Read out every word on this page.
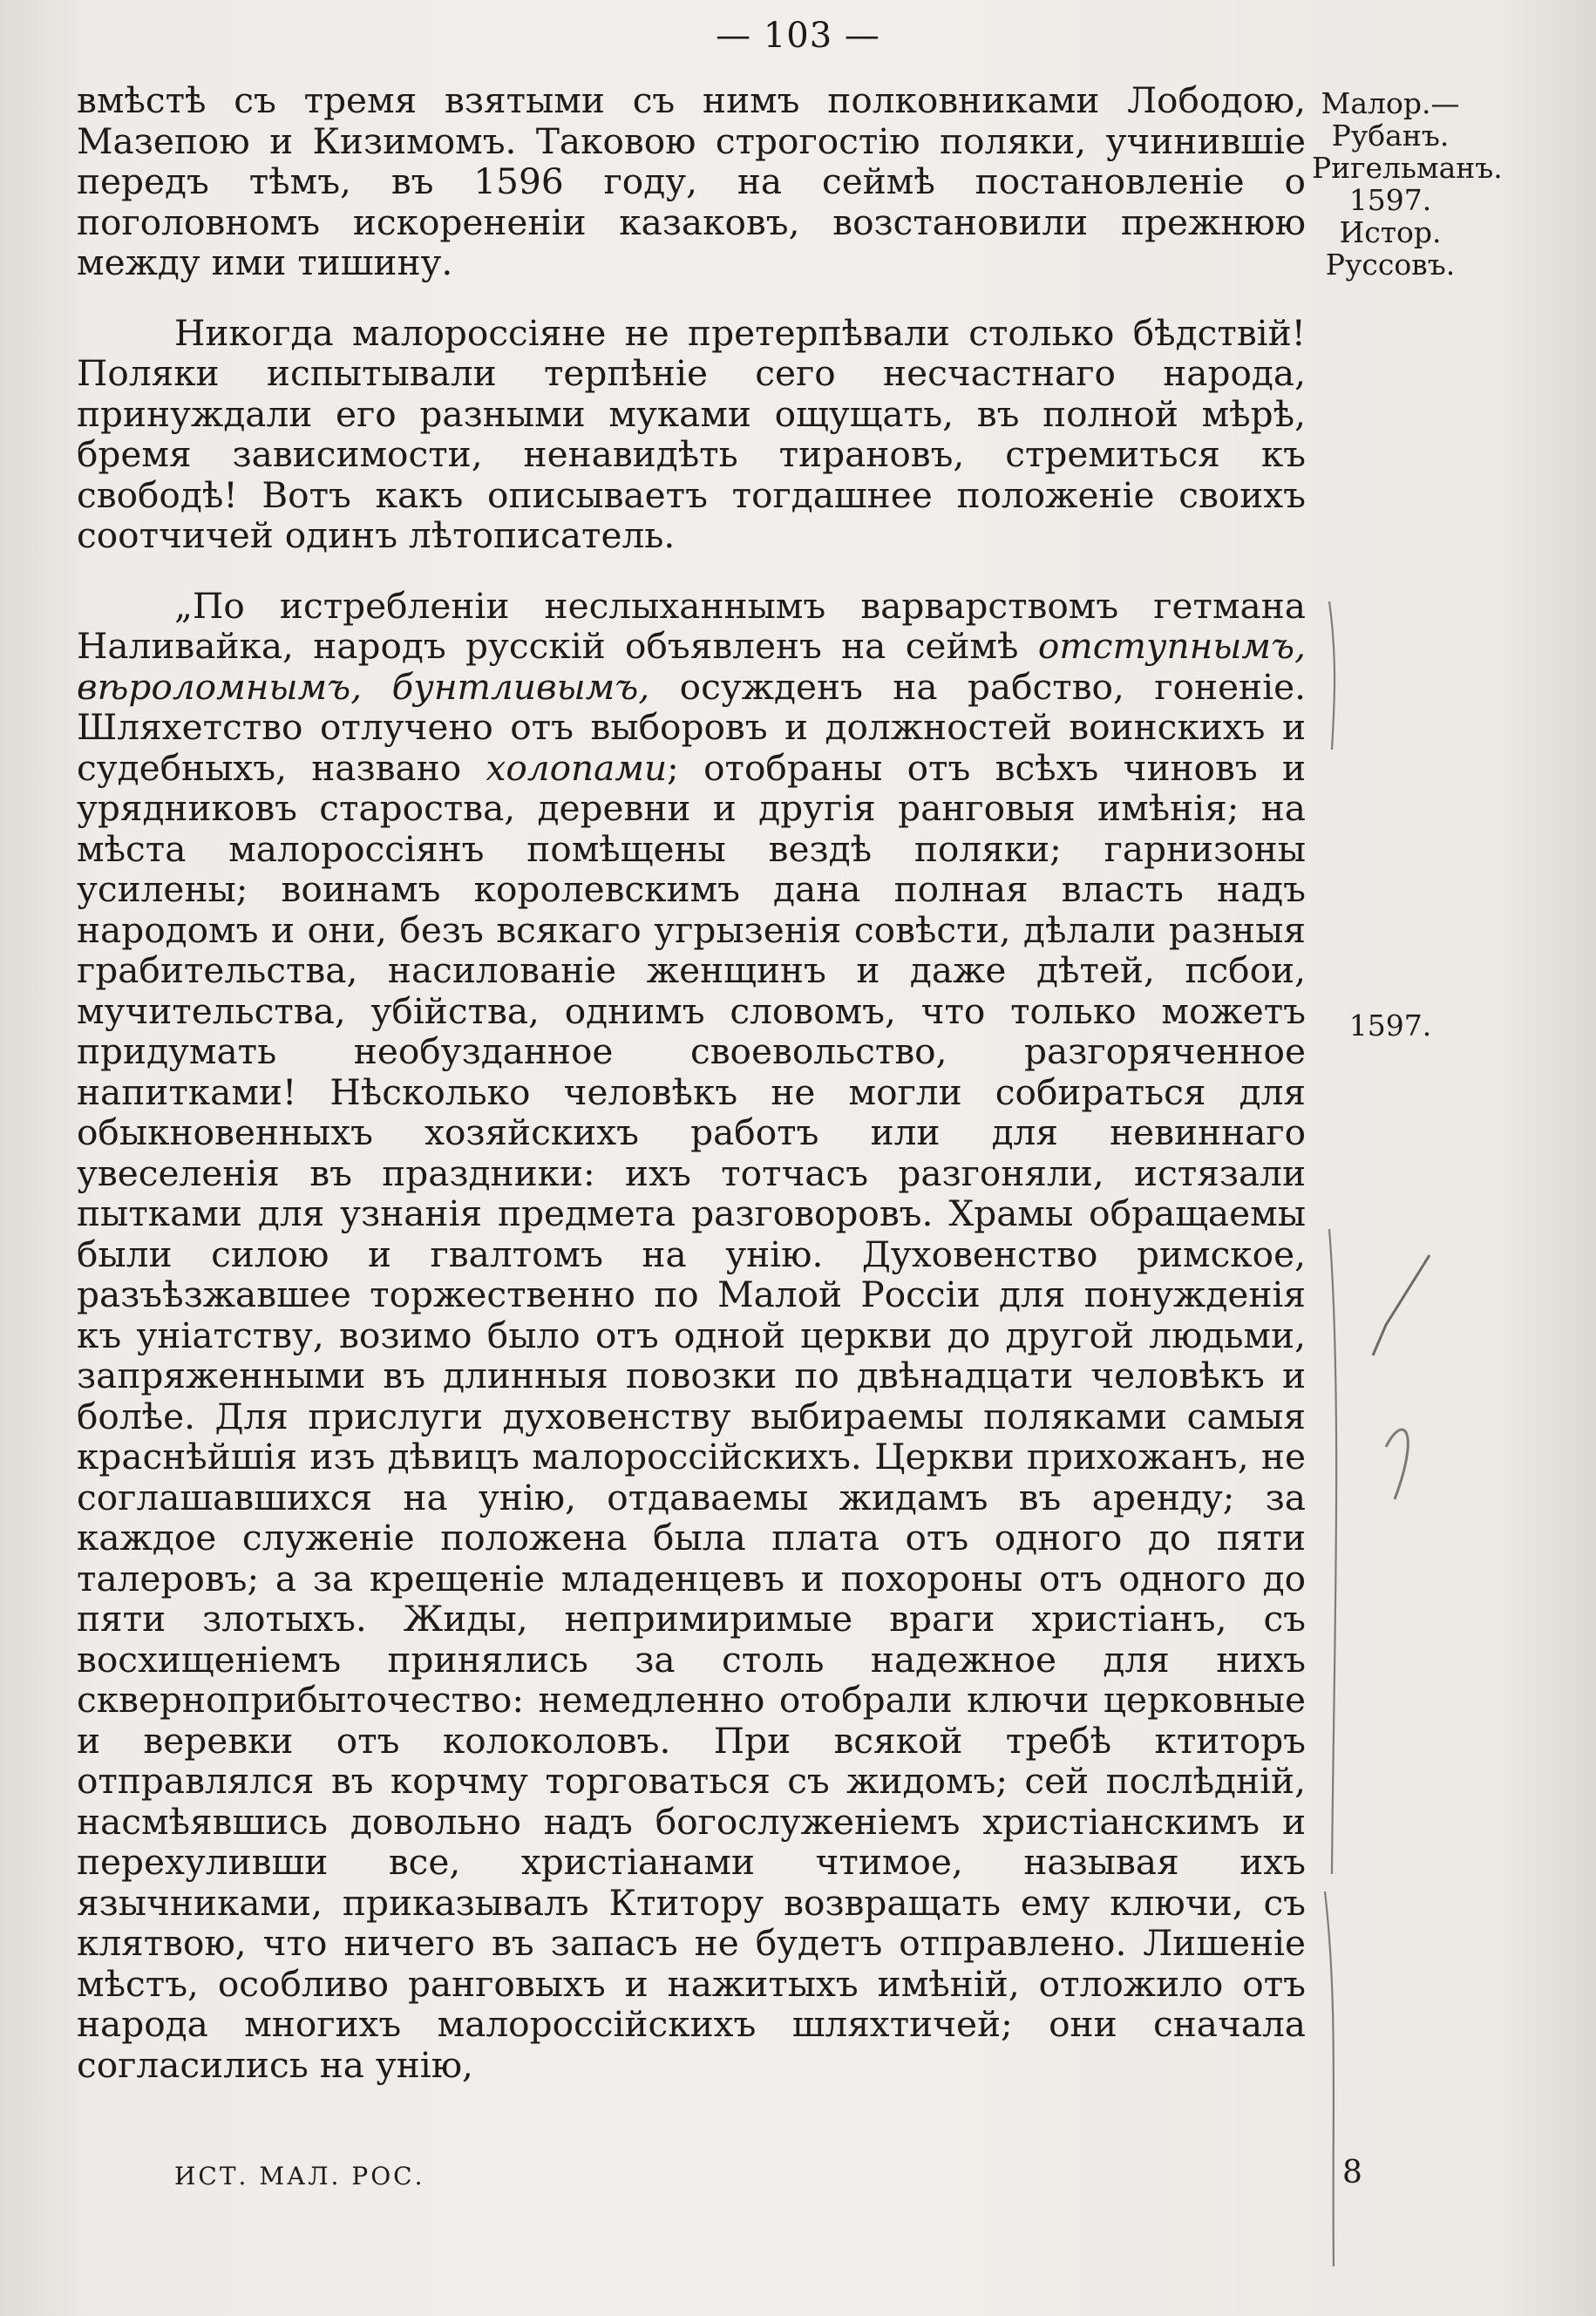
— 103 —

вмѣстѣ съ тремя взятыми съ нимъ полковниками Лободою, Мазепою и Кизимомъ. Таковою строгостію поляки, учинившіе передъ тѣмъ, въ 1596 году, на сеймѣ постановленіе о поголовномъ искорененіи казаковъ, возстановили прежнюю между ими тишину.

Никогда малороссіяне не претерпѣвали столько бѣдствій! Поляки испытывали терпѣніе сего несчастнаго народа, принуждали его разными муками ощущать, въ полной мѣрѣ, бремя зависимости, ненавидѣть тирановъ, стремиться къ свободѣ! Вотъ какъ описываетъ тогдашнее положеніе своихъ соотчичей одинъ лѣтописатель.

„По истребленіи неслыханнымъ варварствомъ гетмана Наливайка, народъ русскій объявленъ на сеймѣ отступнымъ, вѣроломнымъ, бунтливымъ, осужденъ на рабство, гоненіе. Шляхетство отлучено отъ выборовъ и должностей воинскихъ и судебныхъ, названо холопами; отобраны отъ всѣхъ чиновъ и урядниковъ староства, деревни и другія ранговыя имѣнія; на мѣста малороссіянъ помѣщены вездѣ поляки; гарнизоны усилены; воинамъ королевскимъ дана полная власть надъ народомъ и они, безъ всякаго угрызенія совѣсти, дѣлали разныя грабительства, насилованіе женщинъ и даже дѣтей, псбои, мучительства, убійства, однимъ словомъ, что только можетъ придумать необузданное своевольство, разгоряченное напитками! Нѣсколько человѣкъ не могли собираться для обыкновенныхъ хозяйскихъ работъ или для невиннаго увеселенія въ праздники: ихъ тотчасъ разгоняли, истязали пытками для узнанія предмета разговоровъ. Храмы обращаемы были силою и гвалтомъ на унію. Духовенство римское, разъѣзжавшее торжественно по Малой Россіи для понужденія къ уніатству, возимо было отъ одной церкви до другой людьми, запряженными въ длинныя повозки по двѣнадцати человѣкъ и болѣе. Для прислуги духовенству выбираемы поляками самыя краснѣйшія изъ дѣвицъ малороссійскихъ. Церкви прихожанъ, не соглашавшихся на унію, отдаваемы жидамъ въ аренду; за каждое служеніе положена была плата отъ одного до пяти талеровъ; а за крещеніе младенцевъ и похороны отъ одного до пяти злотыхъ. Жиды, непримиримые враги христіанъ, съ восхищеніемъ принялись за столь надежное для нихъ сквернoприбыточество: немедленно отобрали ключи церковные и веревки отъ колоколовъ. При всякой требѣ ктиторъ отправлялся въ корчму торговаться съ жидомъ; сей послѣдній, насмѣявшись довольно надъ богослуженіемъ христіанскимъ и перехуливши все, христіанами чтимое, называя ихъ язычниками, приказывалъ Ктитору возвращать ему ключи, съ клятвою, что ничего въ запасъ не будетъ отправлено. Лишеніе мѣстъ, особливо ранговыхъ и нажитыхъ имѣній, отложило отъ народа многихъ малороссійскихъ шляхтичей; они сначала согласились на унію,

Малор.— Рубанъ. Ригельманъ. 1597. Истор. Руссовъ.
1597.
ИСТ. МАЛ. РОС.	8
